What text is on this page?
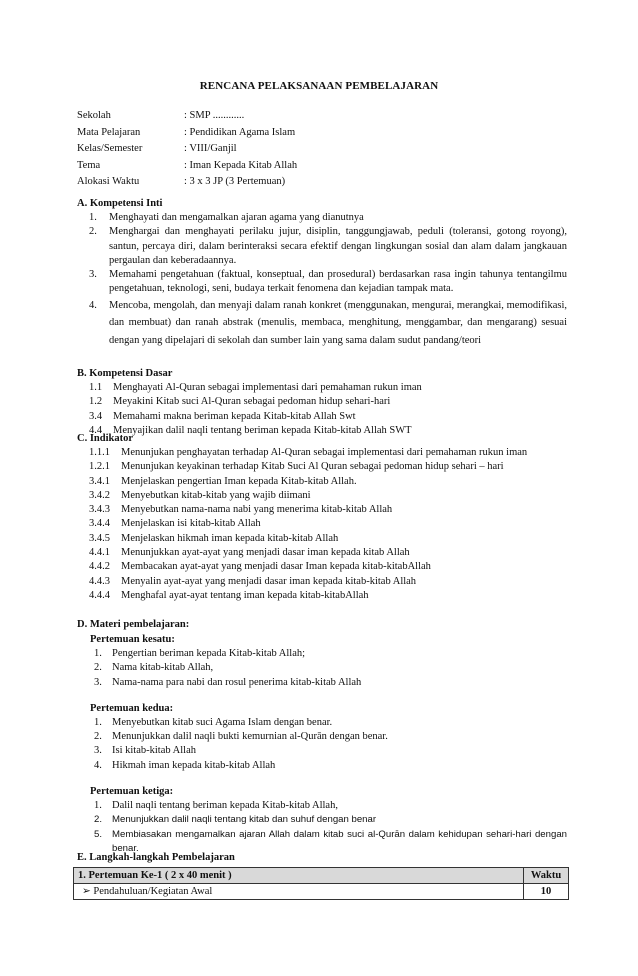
RENCANA PELAKSANAAN PEMBELAJARAN
Sekolah	: SMP ............
Mata Pelajaran	: Pendidikan Agama Islam
Kelas/Semester	: VIII/Ganjil
Tema	: Iman Kepada Kitab Allah
Alokasi Waktu	: 3 x 3 JP (3 Pertemuan)
A. Kompetensi Inti
1.	Menghayati dan mengamalkan ajaran agama yang dianutnya
2.	Menghargai dan menghayati perilaku jujur, disiplin, tanggungjawab, peduli (toleransi, gotong royong), santun, percaya diri, dalam berinteraksi secara efektif dengan lingkungan sosial dan alam dalam jangkauan pergaulan dan keberadaannya.
3.	Memahami pengetahuan (faktual, konseptual, dan prosedural) berdasarkan rasa ingin tahunya tentangilmu pengetahuan, teknologi, seni, budaya terkait fenomena dan kejadian tampak mata.
4.	Mencoba, mengolah, dan menyaji dalam ranah konkret (menggunakan, mengurai, merangkai, memodifikasi, dan membuat) dan ranah abstrak (menulis, membaca, menghitung, menggambar, dan mengarang) sesuai dengan yang dipelajari di sekolah dan sumber lain yang sama dalam sudut pandang/teori
B. Kompetensi Dasar
1.1	Menghayati Al-Quran sebagai implementasi dari pemahaman rukun iman
1.2	Meyakini Kitab suci Al-Quran sebagai pedoman hidup sehari-hari
3.4	Memahami makna beriman kepada Kitab-kitab Allah Swt
4.4	Menyajikan dalil naqli tentang beriman kepada Kitab-kitab Allah SWT
C. Indikator
1.1.1	Menunjukan penghayatan terhadap Al-Quran sebagai implementasi dari pemahaman rukun iman
1.2.1	Menunjukan keyakinan terhadap Kitab Suci Al Quran sebagai pedoman hidup sehari – hari
3.4.1	Menjelaskan pengertian Iman kepada Kitab-kitab Allah.
3.4.2	Menyebutkan kitab-kitab yang wajib diimani
3.4.3	Menyebutkan nama-nama nabi yang menerima kitab-kitab Allah
3.4.4	Menjelaskan isi kitab-kitab Allah
3.4.5	Menjelaskan hikmah iman kepada kitab-kitab Allah
4.4.1	Menunjukkan ayat-ayat yang menjadi dasar iman kepada kitab Allah
4.4.2	Membacakan ayat-ayat yang menjadi dasar Iman kepada kitab-kitabAllah
4.4.3	Menyalin ayat-ayat yang menjadi dasar iman kepada kitab-kitab Allah
4.4.4	Menghafal ayat-ayat tentang iman kepada kitab-kitabAllah
D. Materi pembelajaran:
Pertemuan kesatu:
1. Pengertian beriman kepada Kitab-kitab Allah;
2. Nama kitab-kitab Allah,
3. Nama-nama para nabi dan rosul penerima kitab-kitab Allah
Pertemuan kedua:
1. Menyebutkan kitab suci Agama Islam dengan benar.
2. Menunjukkan dalil naqli bukti kemurnian al-Qurān dengan benar.
3. Isi kitab-kitab Allah
4. Hikmah iman kepada kitab-kitab Allah
Pertemuan ketiga:
1. Dalil naqli tentang beriman kepada Kitab-kitab Allah,
2.	Menunjukkan dalil naqli tentang kitab dan suhuf dengan benar
5.	Membiasakan mengamalkan ajaran Allah dalam kitab suci al-Qurān dalam kehidupan sehari-hari dengan benar.
E. Langkah-langkah Pembelajaran
1. Pertemuan Ke-1 ( 2 x 40 menit )	Waktu
➢ Pendahuluan/Kegiatan Awal	10
